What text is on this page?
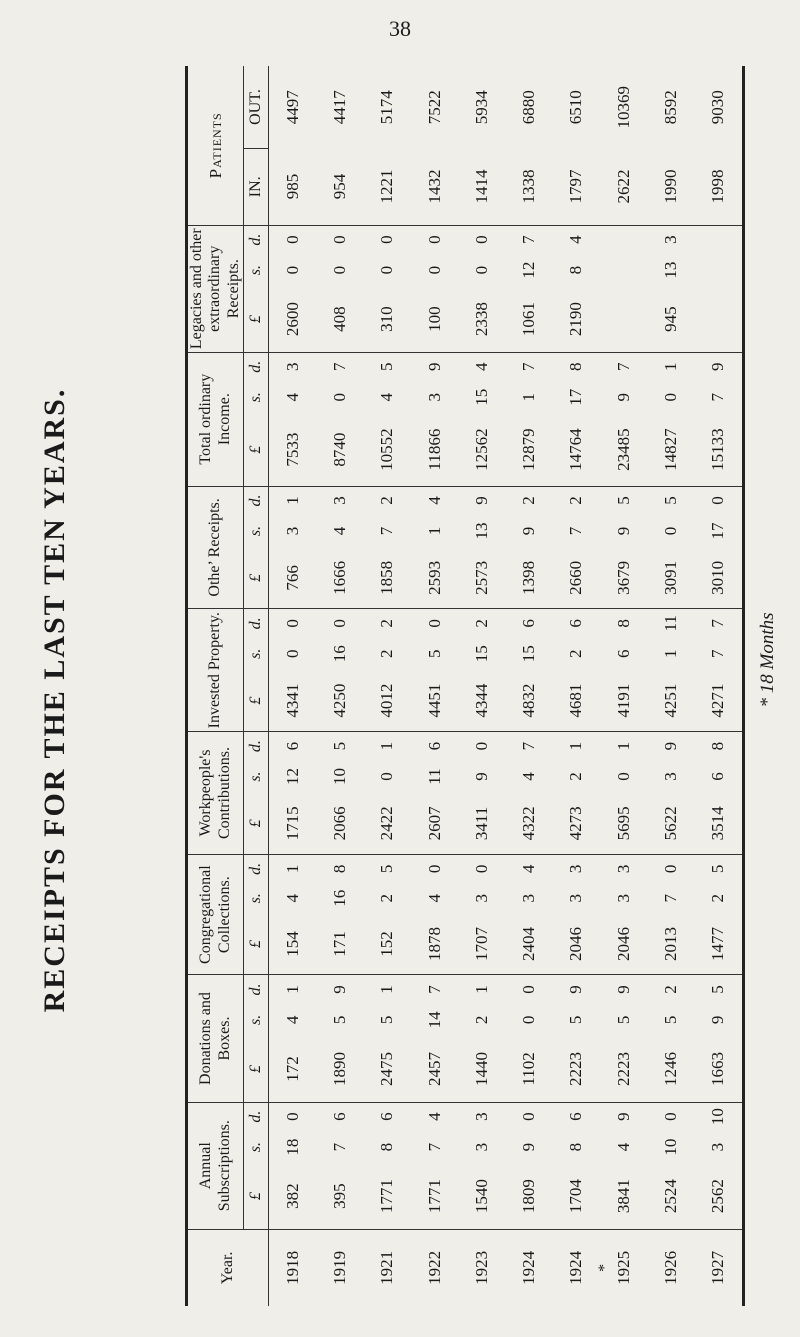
38
RECEIPTS FOR THE LAST TEN YEARS.	* 18 Months
Year.	Annual Subscriptions.			Donations and Boxes.			Congregational Collections.			Workpeople's Contributions.			Invested Property.			Othe’ Receipts.			Total ordinary Income.			Legacies and other extraordinary Receipts.			Patients	
	£	s.	d.	£	s.	d.	£	s.	d.	£	s.	d.	£	s.	d.	£	s.	d.	£	s.	d.	£	s.	d.	IN.	OUT.
1918	382	18	0	172	4	1	154	4	1	1715	12	6	4341	0	0	766	3	1	7533	4	3	2600	0	0	985	4497
1919	395	7	6	1890	5	9	171	16	8	2066	10	5	4250	16	0	1666	4	3	8740	0	7	408	0	0	954	4417
1921	1771	8	6	2475	5	1	152	2	5	2422	0	1	4012	2	2	1858	7	2	10552	4	5	310	0	0	1221	5174
1922	1771	7	4	2457	14	7	1878	4	0	2607	11	6	4451	5	0	2593	1	4	11866	3	9	100	0	0	1432	7522
1923	1540	3	3	1440	2	1	1707	3	0	3411	9	0	4344	15	2	2573	13	9	12562	15	4	2338	0	0	1414	5934
1924	1809	9	0	1102	0	0	2404	3	4	4322	4	7	4832	15	6	1398	9	2	12879	1	7	1061	12	7	1338	6880
1924 *	1704	8	6	2223	5	9	2046	3	3	4273	2	1	4681	2	6	2660	7	2	14764	17	8	2190	8	4	1797	6510
1925	3841	4	9	2223	5	9	2046	3	3	5695	0	1	4191	6	8	3679	9	5	23485	9	7				2622	10369
1926	2524	10	0	1246	5	2	2013	7	0	5622	3	9	4251	1	11	3091	0	5	14827	0	1	945	13	3	1990	8592
1927	2562	3	10	1663	9	5	1477	2	5	3514	6	8	4271	7	7	3010	17	0	15133	7	9				1998	9030
